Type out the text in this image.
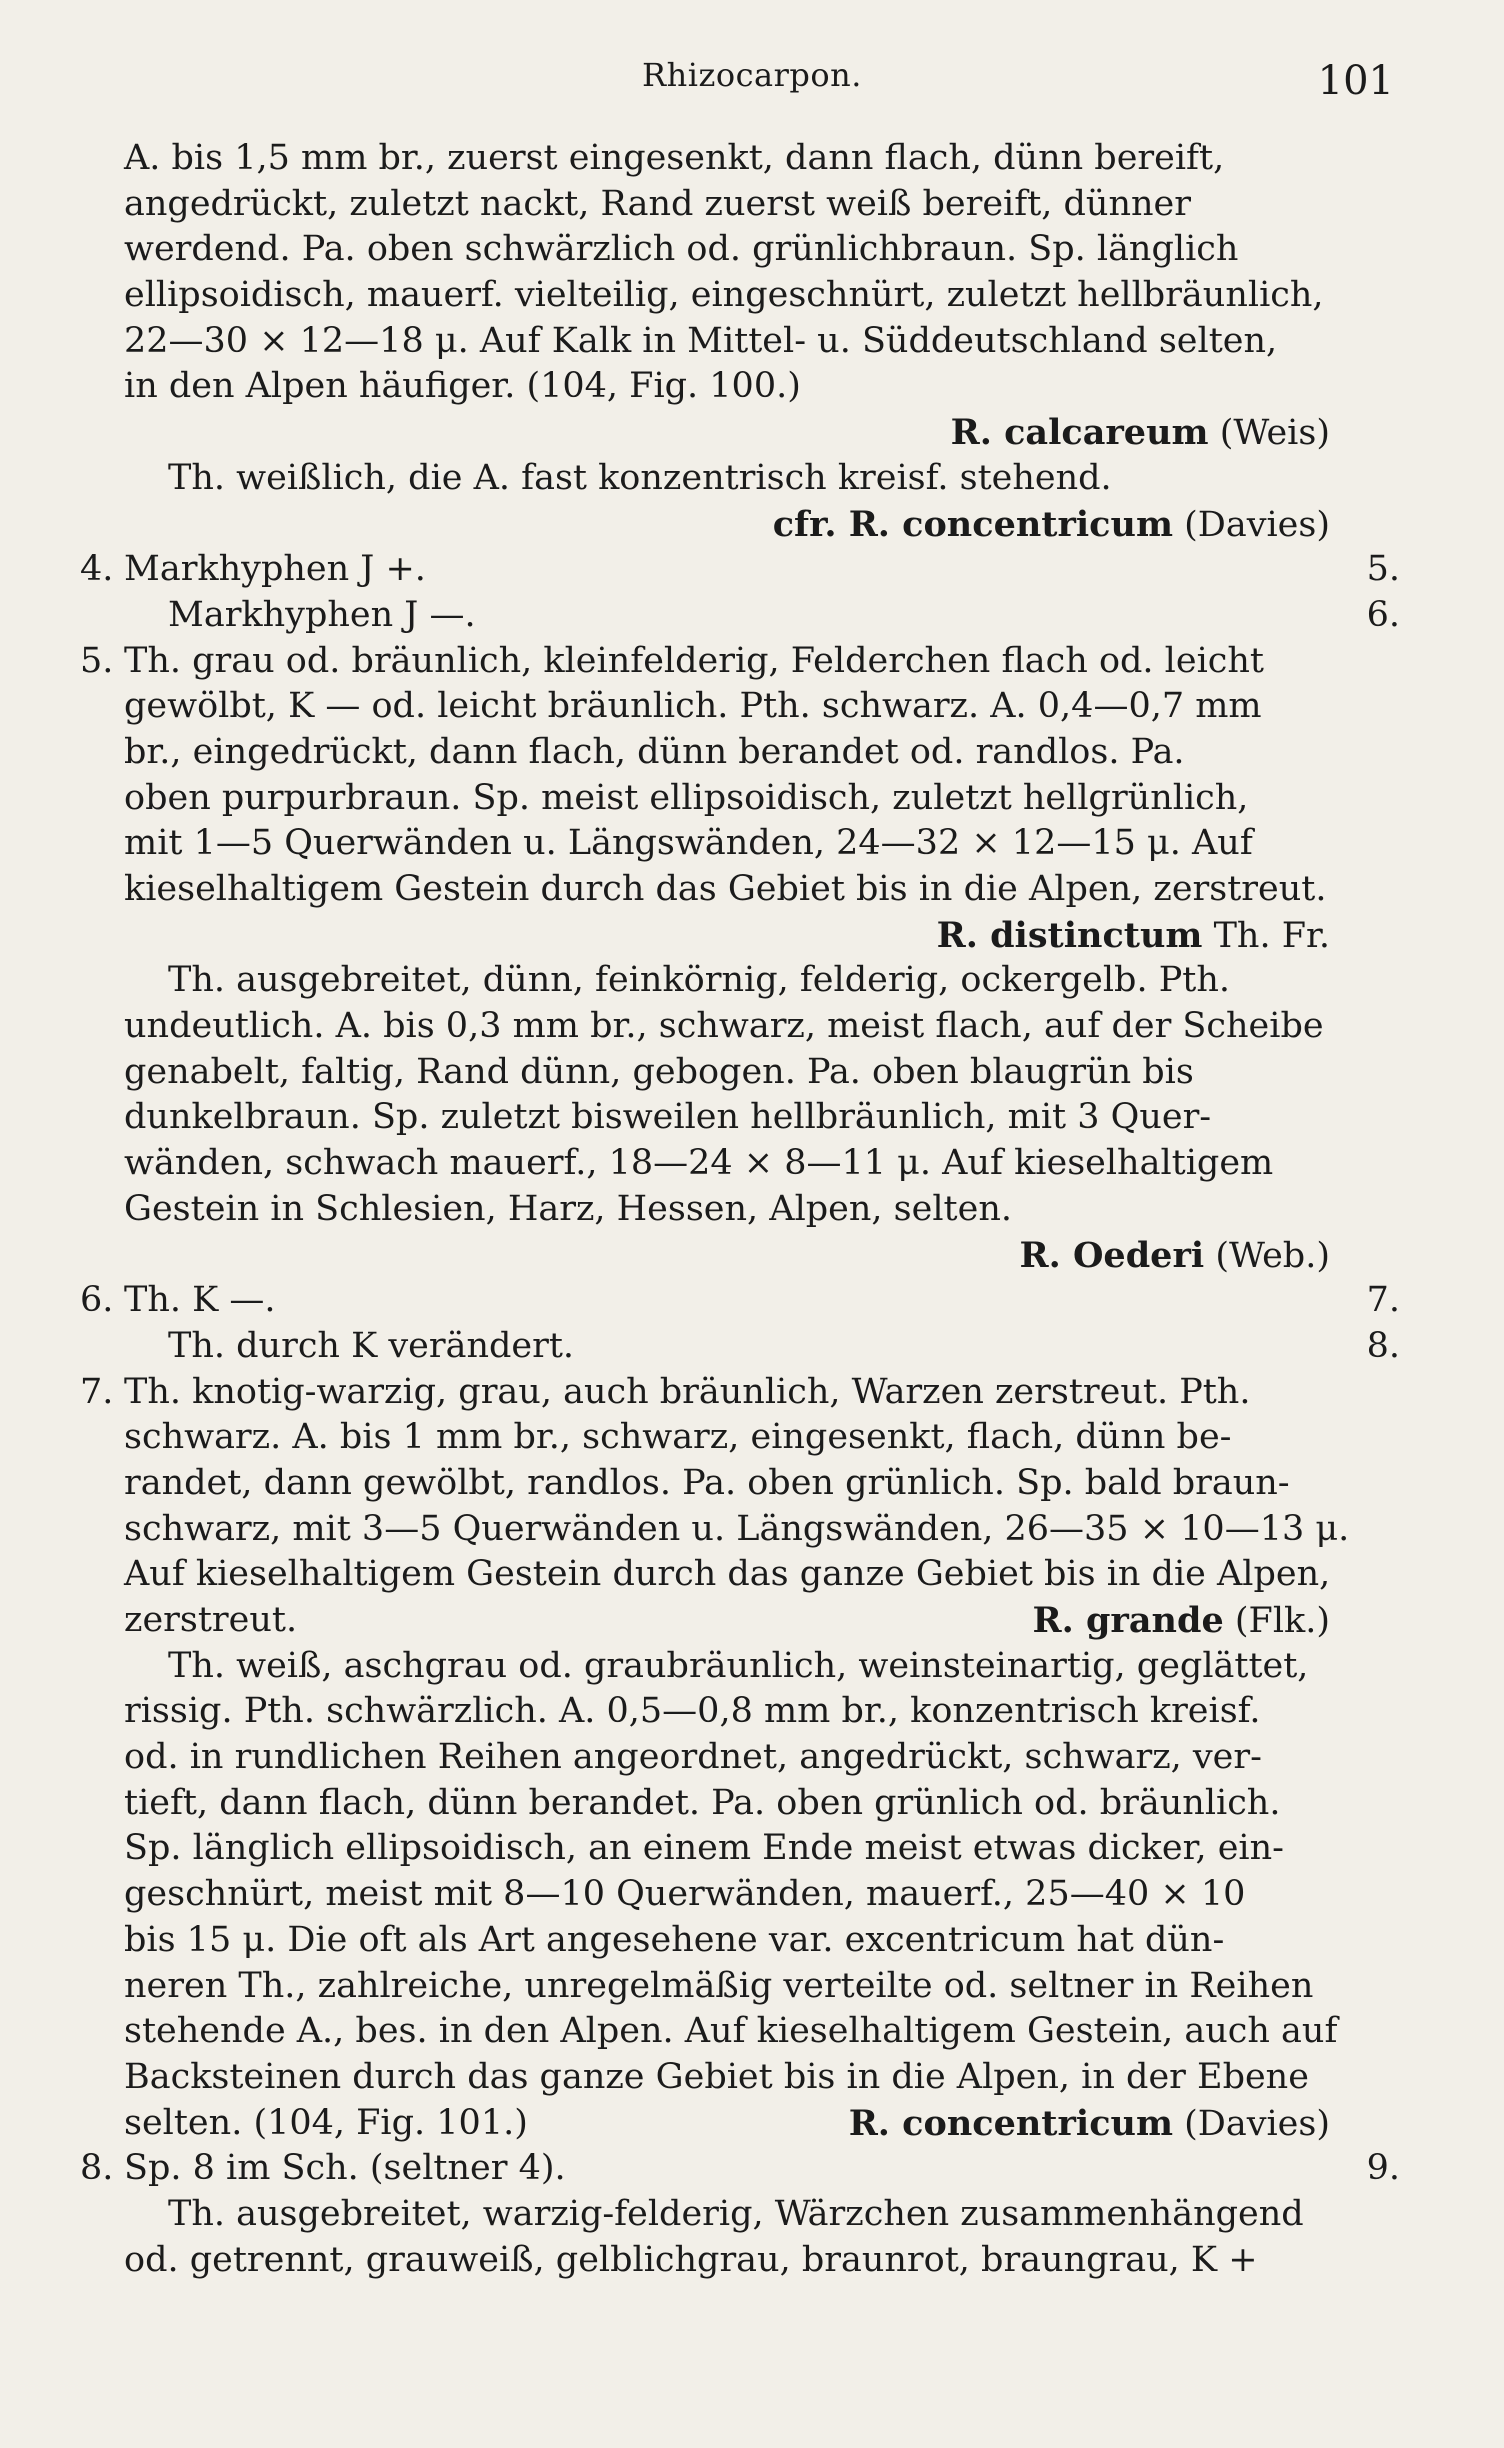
Rhizocarpon.	101
A. bis 1,5 mm br., zuerst eingesenkt, dann flach, dünn bereift,
angedrückt, zuletzt nackt, Rand zuerst weiß bereift, dünner
werdend. Pa. oben schwärzlich od. grünlichbraun. Sp. länglich
ellipsoidisch, mauerf. vielteilig, eingeschnürt, zuletzt hellbräunlich,
22—30 × 12—18 μ. Auf Kalk in Mittel- u. Süddeutschland selten,
in den Alpen häufiger. (104, Fig. 100.)
R. calcareum (Weis)
Th. weißlich, die A. fast konzentrisch kreisf. stehend.
cfr. R. concentricum (Davies)
4. Markhyphen J +.	5.
Markhyphen J —.	6.
5. Th. grau od. bräunlich, kleinfelderig, Felderchen flach od. leicht
gewölbt, K — od. leicht bräunlich. Pth. schwarz. A. 0,4—0,7 mm
br., eingedrückt, dann flach, dünn berandet od. randlos. Pa.
oben purpurbraun. Sp. meist ellipsoidisch, zuletzt hellgrünlich,
mit 1—5 Querwänden u. Längswänden, 24—32 × 12—15 μ. Auf
kieselhaltigem Gestein durch das Gebiet bis in die Alpen, zerstreut.
R. distinctum Th. Fr.
Th. ausgebreitet, dünn, feinkörnig, felderig, ockergelb. Pth.
undeutlich. A. bis 0,3 mm br., schwarz, meist flach, auf der Scheibe
genabelt, faltig, Rand dünn, gebogen. Pa. oben blaugrün bis
dunkelbraun. Sp. zuletzt bisweilen hellbräunlich, mit 3 Quer-
wänden, schwach mauerf., 18—24 × 8—11 μ. Auf kieselhaltigem
Gestein in Schlesien, Harz, Hessen, Alpen, selten.
R. Oederi (Web.)
6. Th. K —.	7.
Th. durch K verändert.	8.
7. Th. knotig-warzig, grau, auch bräunlich, Warzen zerstreut. Pth.
schwarz. A. bis 1 mm br., schwarz, eingesenkt, flach, dünn be-
randet, dann gewölbt, randlos. Pa. oben grünlich. Sp. bald braun-
schwarz, mit 3—5 Querwänden u. Längswänden, 26—35 × 10—13 μ.
Auf kieselhaltigem Gestein durch das ganze Gebiet bis in die Alpen,
zerstreut.	R. grande (Flk.)
Th. weiß, aschgrau od. graubräunlich, weinsteinartig, geglättet,
rissig. Pth. schwärzlich. A. 0,5—0,8 mm br., konzentrisch kreisf.
od. in rundlichen Reihen angeordnet, angedrückt, schwarz, ver-
tieft, dann flach, dünn berandet. Pa. oben grünlich od. bräunlich.
Sp. länglich ellipsoidisch, an einem Ende meist etwas dicker, ein-
geschnürt, meist mit 8—10 Querwänden, mauerf., 25—40 × 10
bis 15 μ. Die oft als Art angesehene var. excentricum hat dün-
neren Th., zahlreiche, unregelmäßig verteilte od. seltner in Reihen
stehende A., bes. in den Alpen. Auf kieselhaltigem Gestein, auch auf
Backsteinen durch das ganze Gebiet bis in die Alpen, in der Ebene
selten. (104, Fig. 101.)	R. concentricum (Davies)
8. Sp. 8 im Sch. (seltner 4).	9.
Th. ausgebreitet, warzig-felderig, Wärzchen zusammenhängend
od. getrennt, grauweiß, gelblichgrau, braunrot, braungrau, K +
